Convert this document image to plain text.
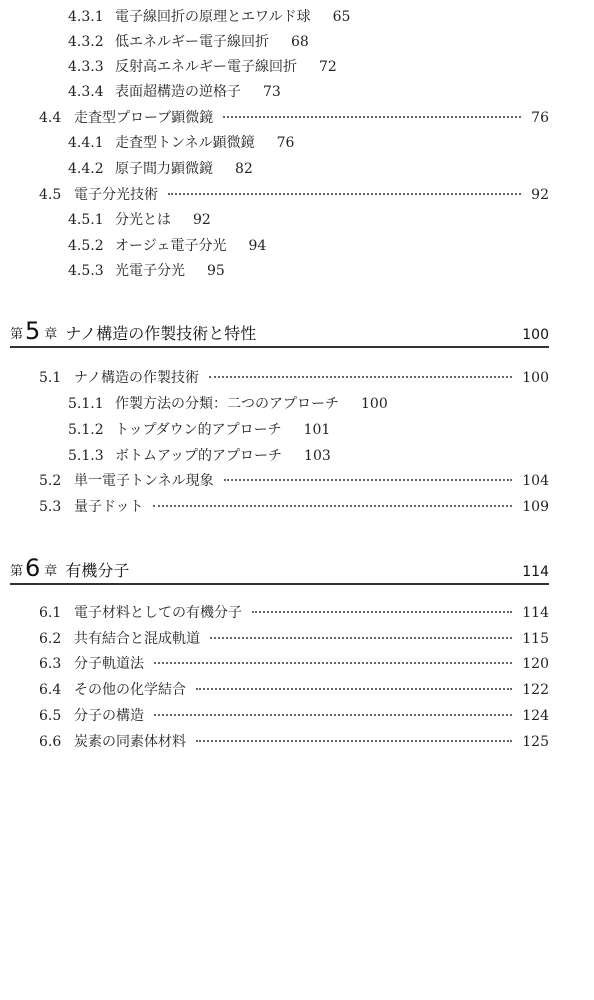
4.3.1 電子線回折の原理とエワルド球 65
4.3.2 低エネルギー電子線回折 68
4.3.3 反射高エネルギー電子線回折 72
4.3.4 表面超構造の逆格子 73
4.4 走査型プローブ顕微鏡	76
4.4.1 走査型トンネル顕微鏡 76
4.4.2 原子間力顕微鏡 82
4.5 電子分光技術	92
4.5.1 分光とは 92
4.5.2 オージェ電子分光 94
4.5.3 光電子分光 95
第 5 章 ナノ構造の作製技術と特性	100
5.1 ナノ構造の作製技術	100
5.1.1 作製方法の分類：二つのアプローチ 100
5.1.2 トップダウン的アプローチ 101
5.1.3 ボトムアップ的アプローチ 103
5.2 単一電子トンネル現象	104
5.3 量子ドット	109
第 6 章 有機分子	114
6.1 電子材料としての有機分子	114
6.2 共有結合と混成軌道	115
6.3 分子軌道法	120
6.4 その他の化学結合	122
6.5 分子の構造	124
6.6 炭素の同素体材料	125
